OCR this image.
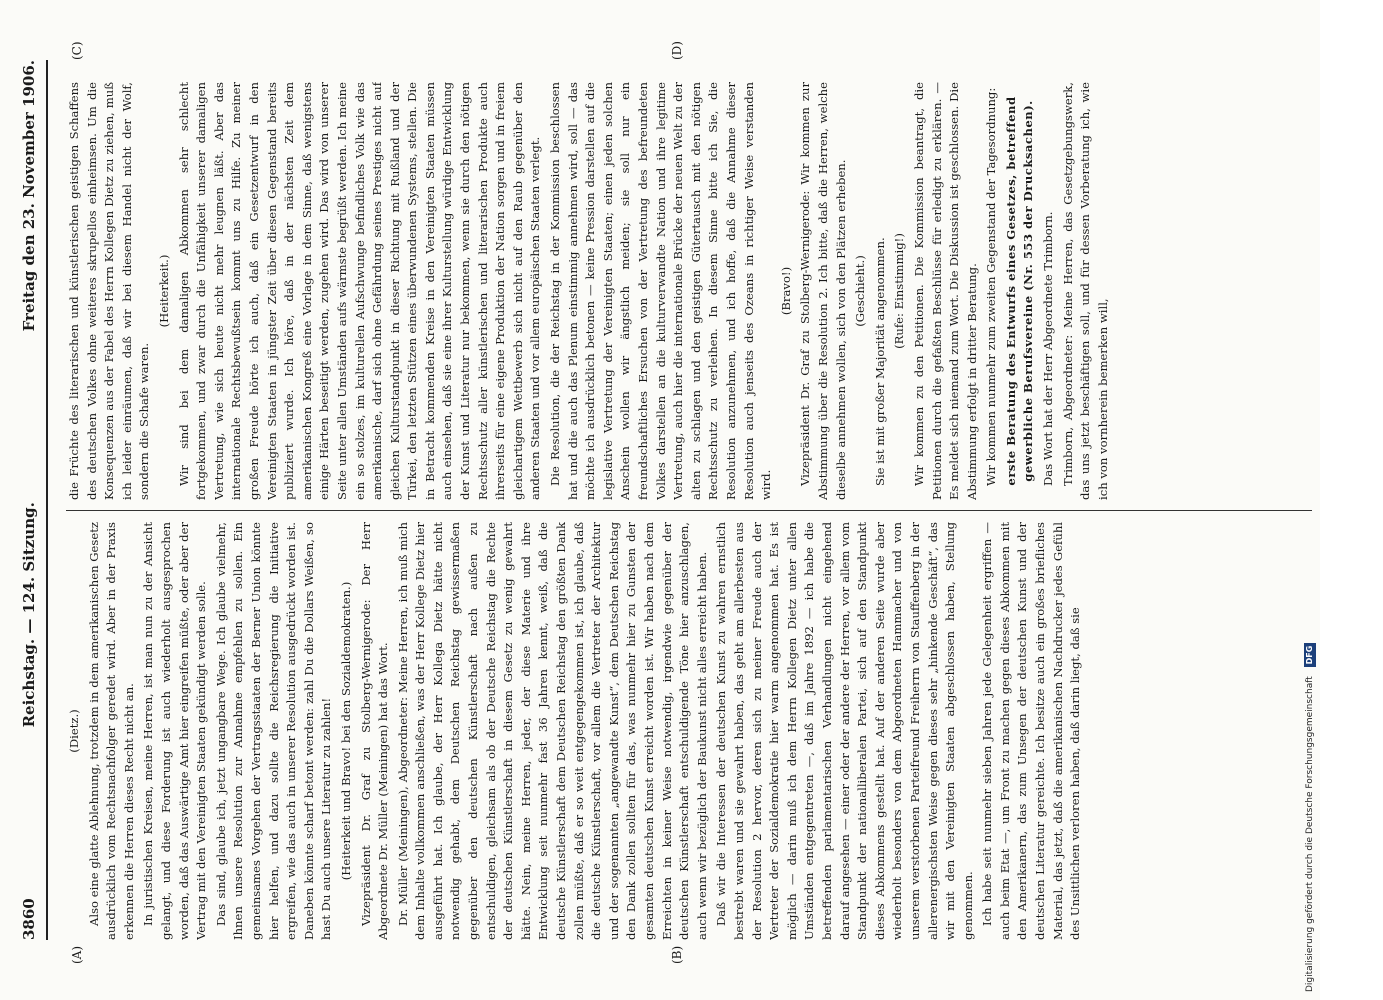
3860
Reichstag. — 124. Sitzung.
Freitag den 23. November 1906.
(A)	(B)
(C)	(D)

(Dietz.) Also eine glatte Ablehnung, trotzdem in dem amerikanischen Gesetz ausdrücklich vom Rechtsnachfolger geredet wird. Aber in der Praxis erkennen die Herren dieses Recht nicht an. In juristischen Kreisen, meine Herren, ist man nun zu der Ansicht gelangt, und diese Forderung ist auch wiederholt ausgesprochen worden, daß das Auswärtige Amt hier eingreifen müßte, oder aber der Vertrag mit den Vereinigten Staaten gekündigt werden solle. Das sind, glaube ich, jetzt ungangbare Wege. Ich glaube vielmehr, Ihnen unsere Resolution zur Annahme empfehlen zu sollen. Ein gemeinsames Vorgehen der Vertragsstaaten der Berner Union könnte hier helfen, und dazu sollte die Reichsregierung die Initiative ergreifen, wie das auch in unserer Resolution ausgedrückt worden ist. Daneben könnte scharf betont werden: zahl Du die Dollars Weißen, so hast Du auch unsere Literatur zu zahlen! (Heiterkeit und Bravo! bei den Sozialdemokraten.) Vizepräsident Dr. Graf zu Stolberg-Wernigerode: Der Herr Abgeordnete Dr. Müller (Meiningen) hat das Wort. Dr. Müller (Meiningen), Abgeordneter: Meine Herren, ich muß mich dem Inhalte vollkommen anschließen, was der Herr Kollege Dietz hier ausgeführt hat. Ich glaube, der Herr Kollega Dietz hätte nicht notwendig gehabt, dem Deutschen Reichstag gewissermaßen gegenüber den deutschen Künstlerschaft nach außen zu entschuldigen, gleichsam als ob der Deutsche Reichstag die Rechte der deutschen Künstlerschaft in diesem Gesetz zu wenig gewahrt hätte. Nein, meine Herren, jeder, der diese Materie und ihre Entwicklung seit nunmehr fast 36 Jahren kennt, weiß, daß die deutsche Künstlerschaft dem Deutschen Reichstag den größten Dank zollen müßte, daß er so weit entgegengekommen ist, ich glaube, daß die deutsche Künstlerschaft, vor allem die Vertreter der Architektur und der sogenannten „angewandte Kunst“, dem Deutschen Reichstag den Dank zollen sollten für das, was nunmehr hier zu Gunsten der gesamten deutschen Kunst erreicht worden ist. Wir haben nach dem Erreichten in keiner Weise notwendig, irgendwie gegenüber der deutschen Künstlerschaft entschuldigende Töne hier anzuschlagen, auch wenn wir bezüglich der Baukunst nicht alles erreicht haben. Daß wir die Interessen der deutschen Kunst zu wahren ernstlich bestrebt waren und sie gewahrt haben, das geht am allerbesten aus der Resolution 2 hervor, deren sich zu meiner Freude auch der Vertreter der Sozialdemokratie hier warm angenommen hat. Es ist möglich — darin muß ich dem Herrn Kollegen Dietz unter allen Umständen entgegentreten —, daß im Jahre 1892 — ich habe die betreffenden parlamentarischen Verhandlungen nicht eingehend darauf angesehen — einer oder der andere der Herren, vor allem vom Standpunkt der nationalliberalen Partei, sich auf den Standpunkt dieses Abkommens gestellt hat. Auf der anderen Seite wurde aber wiederholt besonders von dem Abgeordneten Hammacher und von unserem verstorbenen Parteifreund Freiherrn von Stauffenberg in der allerenergischsten Weise gegen dieses sehr „hinkende Geschäft“, das wir mit den Vereinigten Staaten abgeschlossen haben, Stellung genommen. Ich habe seit nunmehr sieben Jahren jede Gelegenheit ergriffen — auch beim Etat —, um Front zu machen gegen dieses Abkommen mit den Amerikanern, das zum Unsegen der deutschen Kunst und der deutschen Literatur gereichte. Ich besitze auch ein großes briefliches Material, das jetzt, daß die amerikanischen Nachdrucker jedes Gefühl des Unsittlichen verloren haben, daß darin liegt, daß sie

die Früchte des literarischen und künstlerischen geistigen Schaffens des deutschen Volkes ohne weiteres skrupellos einheimsen. Um die Konsequenzen aus der Fabel des Herrn Kollegen Dietz zu ziehen, muß ich leider einräumen, daß wir bei diesem Handel nicht der Wolf, sondern die Schafe waren.

(Heiterkeit.) Wir sind bei dem damaligen Abkommen sehr schlecht fortgekommen, und zwar durch die Unfähigkeit unserer damaligen Vertretung, wie sich heute nicht mehr leugnen läßt. Aber das internationale Rechtsbewußtsein kommt uns zu Hilfe. Zu meiner großen Freude hörte ich auch, daß ein Gesetzentwurf in den Vereinigten Staaten in jüngster Zeit über diesen Gegenstand bereits publiziert wurde. Ich höre, daß in der nächsten Zeit dem amerikanischen Kongreß eine Vorlage in dem Sinne, daß wenigstens einige Härten beseitigt werden, zugehen wird. Das wird von unserer Seite unter allen Umständen aufs wärmste begrüßt werden. Ich meine ein so stolzes, im kulturellen Aufschwunge befindliches Volk wie das amerikanische, darf sich ohne Gefährdung seines Prestiges nicht auf gleichen Kulturstandpunkt in dieser Richtung mit Rußland und der Türkei, den letzten Stützen eines überwundenen Systems, stellen. Die in Betracht kommenden Kreise in den Vereinigten Staaten müssen auch einsehen, daß sie eine ihrer Kulturstellung würdige Entwicklung der Kunst und Literatur nur bekommen, wenn sie durch den nötigen Rechtsschutz aller künstlerischen und literarischen Produkte auch ihrerseits für eine eigene Produktion der Nation sorgen und in freiem gleichartigem Wettbewerb sich nicht auf den Raub gegenüber den anderen Staaten und vor allem europäischen Staaten verlegt. Die Resolution, die der Reichstag in der Kommission beschlossen hat und die auch das Plenum einstimmig annehmen wird, soll — das möchte ich ausdrücklich betonen — keine Pression darstellen auf die legislative Vertretung der Vereinigten Staaten; einen jeden solchen Anschein wollen wir ängstlich meiden; sie soll nur ein freundschaftliches Ersuchen von der Vertretung des befreundeten Volkes darstellen an die kulturverwandte Nation und ihre legitime Vertretung, auch hier die internationale Brücke der neuen Welt zu der alten zu schlagen und den geistigen Gütertausch mit den nötigen Rechtsschutz zu verleihen. In diesem Sinne bitte ich Sie, die Resolution anzunehmen, und ich hoffe, daß die Annahme dieser Resolution auch jenseits des Ozeans in richtiger Weise verstanden wird.

(Bravo!) Vizepräsident Dr. Graf zu Stolberg-Wernigerode: Wir kommen zur Abstimmung über die Resolution 2. Ich bitte, daß die Herren, welche dieselbe annehmen wollen, sich von den Plätzen erheben. (Geschieht.) Sie ist mit großer Majorität angenommen. (Rufe: Einstimmig!) Wir kommen zu den Petitionen. Die Kommission beantragt, die Petitionen durch die gefaßten Beschlüsse für erledigt zu erklären. — Es meldet sich niemand zum Wort. Die Diskussion ist geschlossen. Die Abstimmung erfolgt in dritter Beratung. Wir kommen nunmehr zum zweiten Gegenstand der Tagesordnung: erste Beratung des Entwurfs eines Gesetzes, betreffend gewerbliche Berufsvereine (Nr. 553 der Drucksachen). Das Wort hat der Herr Abgeordnete Trimborn. Trimborn, Abgeordneter: Meine Herren, das Gesetzgebungswerk, das uns jetzt beschäftigen soll, und für dessen Vorberatung ich, wie ich von vornherein bemerken will,

Digitalisierung gefördert durch die Deutsche Forschungsgemeinschaft DFG
